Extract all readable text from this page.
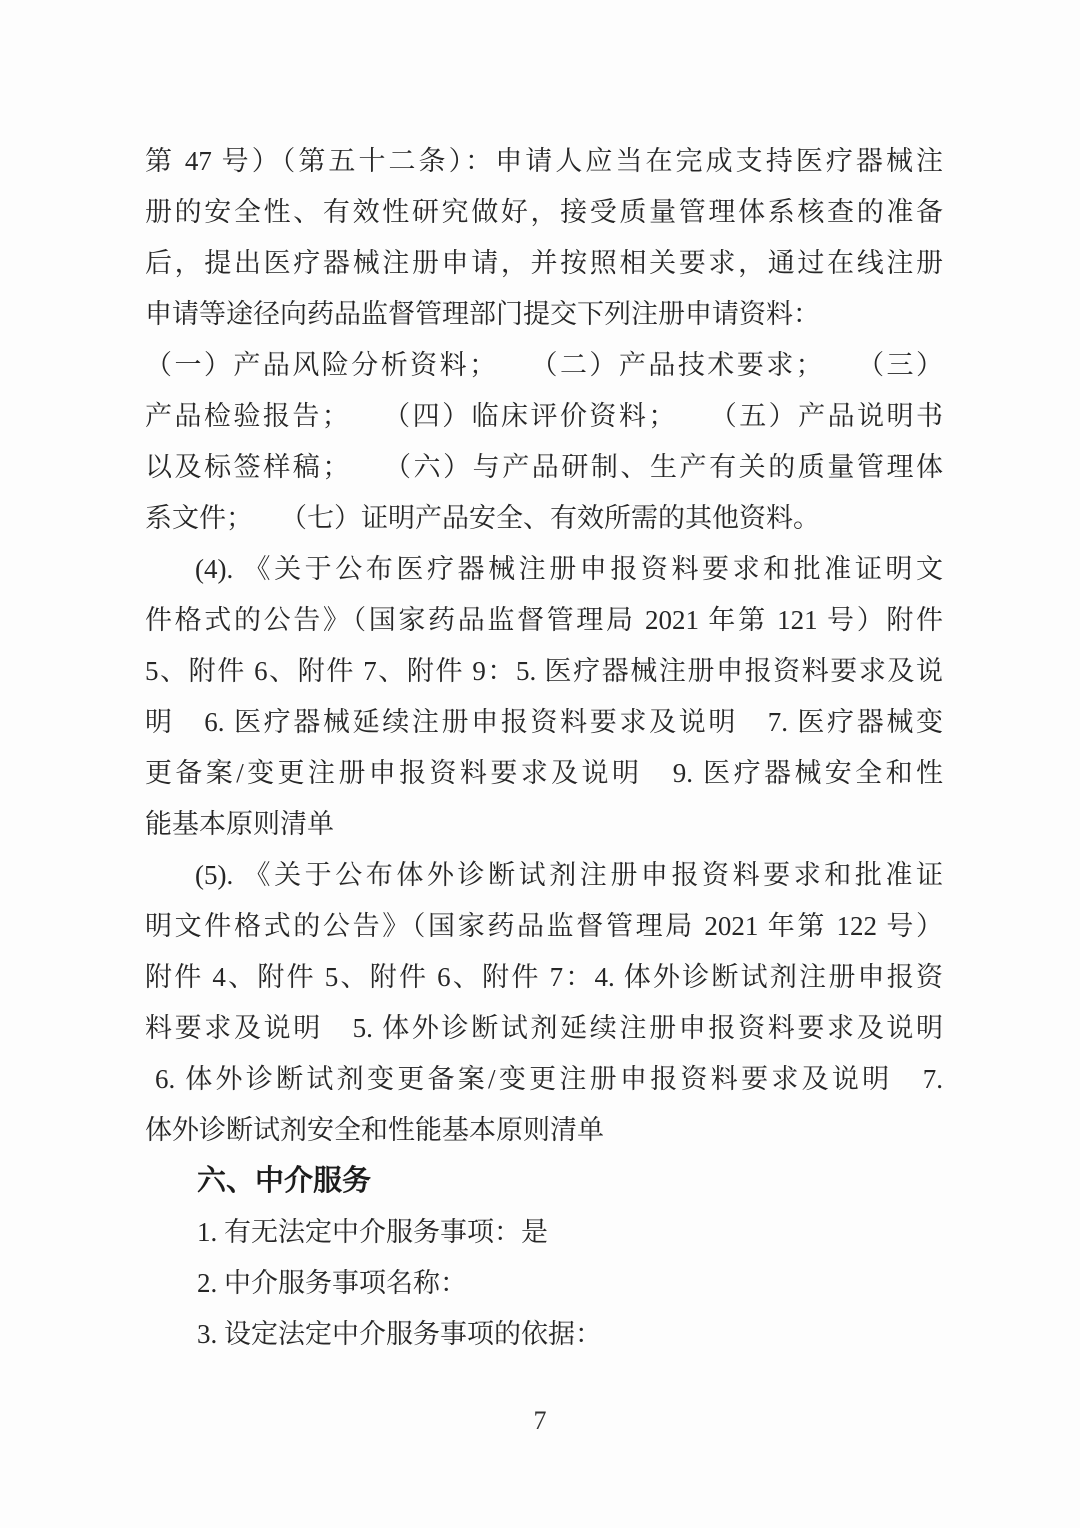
第 47 号）（第五十二条）：申请人应当在完成支持医疗器械注
册的安全性、有效性研究做好，接受质量管理体系核查的准备
后，提出医疗器械注册申请，并按照相关要求，通过在线注册
申请等途径向药品监督管理部门提交下列注册申请资料：
（一）产品风险分析资料；　　（二）产品技术要求；　　（三）
产品检验报告；　　（四）临床评价资料；　　（五）产品说明书
以及标签样稿；　　（六）与产品研制、生产有关的质量管理体
系文件；　　（七）证明产品安全、有效所需的其他资料。
(4). 《关于公布医疗器械注册申报资料要求和批准证明文
件格式的公告》（国家药品监督管理局 2021 年第 121 号）附件
5、附件 6、附件 7、附件 9：5. 医疗器械注册申报资料要求及说
明　6. 医疗器械延续注册申报资料要求及说明　7. 医疗器械变
更备案/变更注册申报资料要求及说明　9. 医疗器械安全和性
能基本原则清单
(5). 《关于公布体外诊断试剂注册申报资料要求和批准证
明文件格式的公告》（国家药品监督管理局 2021 年第 122 号）
附件 4、附件 5、附件 6、附件 7：4. 体外诊断试剂注册申报资
料要求及说明　5. 体外诊断试剂延续注册申报资料要求及说明
6. 体外诊断试剂变更备案/变更注册申报资料要求及说明　7.
体外诊断试剂安全和性能基本原则清单
六、中介服务
1. 有无法定中介服务事项：是
2. 中介服务事项名称：
3. 设定法定中介服务事项的依据：
7
